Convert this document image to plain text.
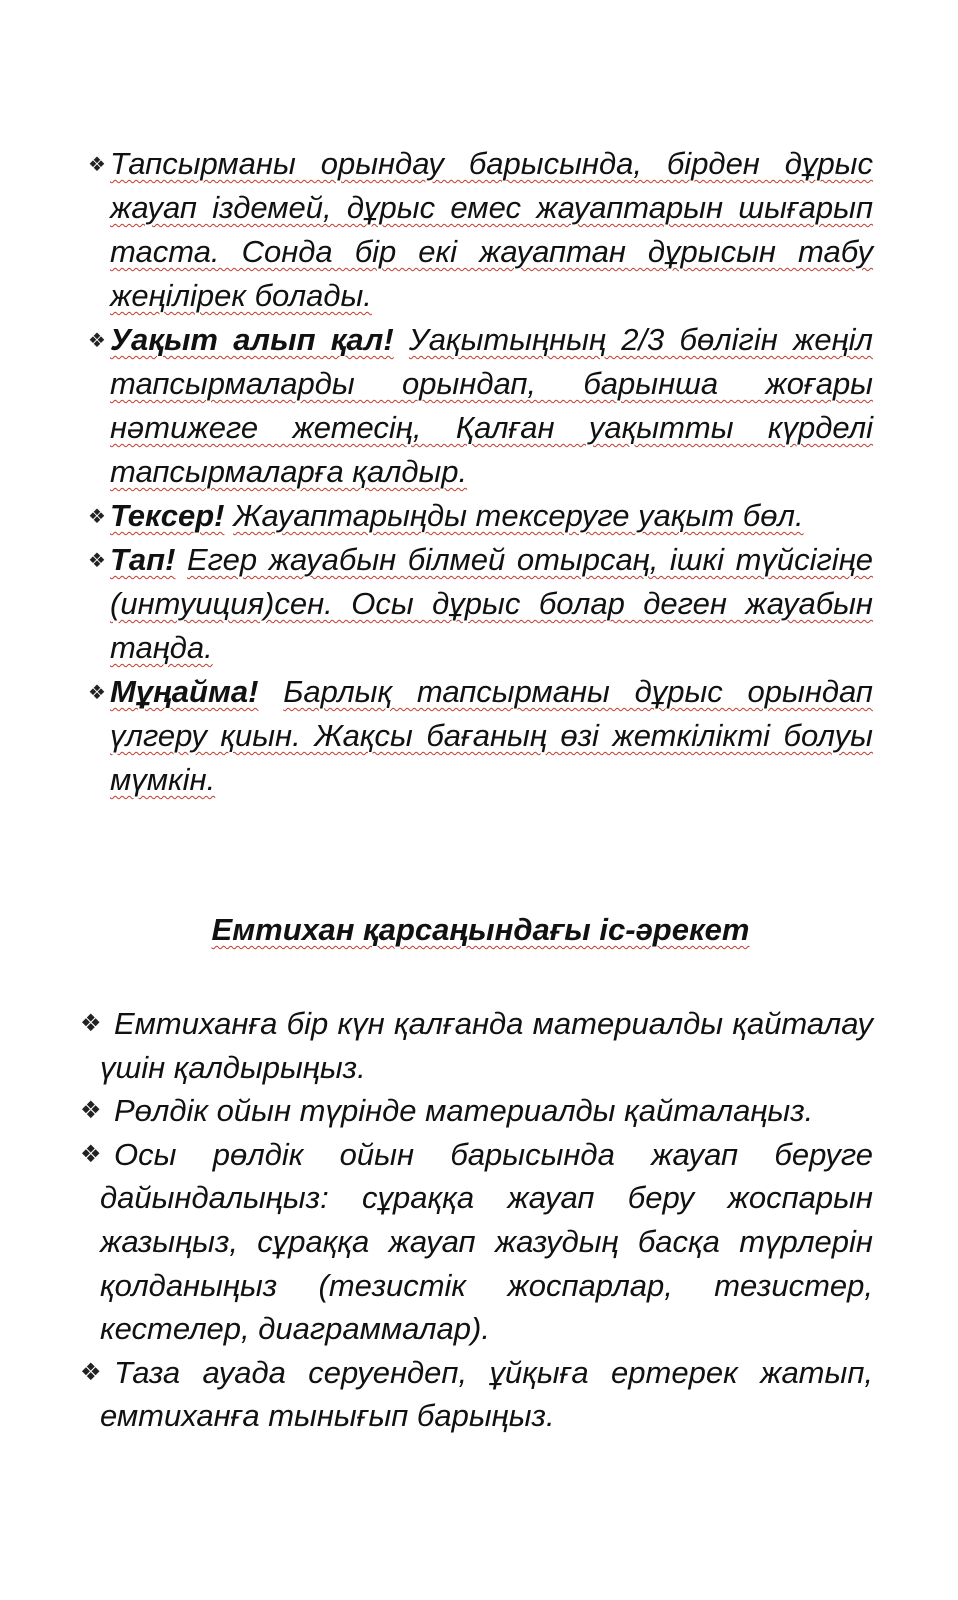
❖ Тапсырманы орындау барысында, бірден дұрыс жауап іздемей, дұрыс емес жауаптарын шығарып таста. Сонда бір екі жауаптан дұрысын табу жеңілірек болады.
❖ Уақыт алып қал! Уақытыңның 2/3 бөлігін жеңіл тапсырмаларды орындап, барынша жоғары нәтижеге жетесің, Қалған уақытты күрделі тапсырмаларға қалдыр.
❖ Тексер! Жауаптарыңды тексеруге уақыт бөл.
❖ Тап! Егер жауабын білмей отырсаң, ішкі түйсігіңе (интуиция)сен. Осы дұрыс болар деген жауабын таңда.
❖ Мұңайма! Барлық тапсырманы дұрыс орындап үлгеру қиын. Жақсы бағаның өзі жеткілікті болуы мүмкін.
Емтихан қарсаңындағы іс-әрекет
❖ Емтиханға бір күн қалғанда материалды қайталау үшін қалдырыңыз.
❖ Рөлдік ойын түрінде материалды қайталаңыз.
❖ Осы рөлдік ойын барысында жауап беруге дайындалыңыз: сұраққа жауап беру жоспарын жазыңыз, сұраққа жауап жазудың басқа түрлерін қолданыңыз (тезистік жоспарлар, тезистер, кестелер, диаграммалар).
❖ Таза ауада серуендеп, ұйқыға ертерек жатып, емтиханға тынығып барыңыз.
